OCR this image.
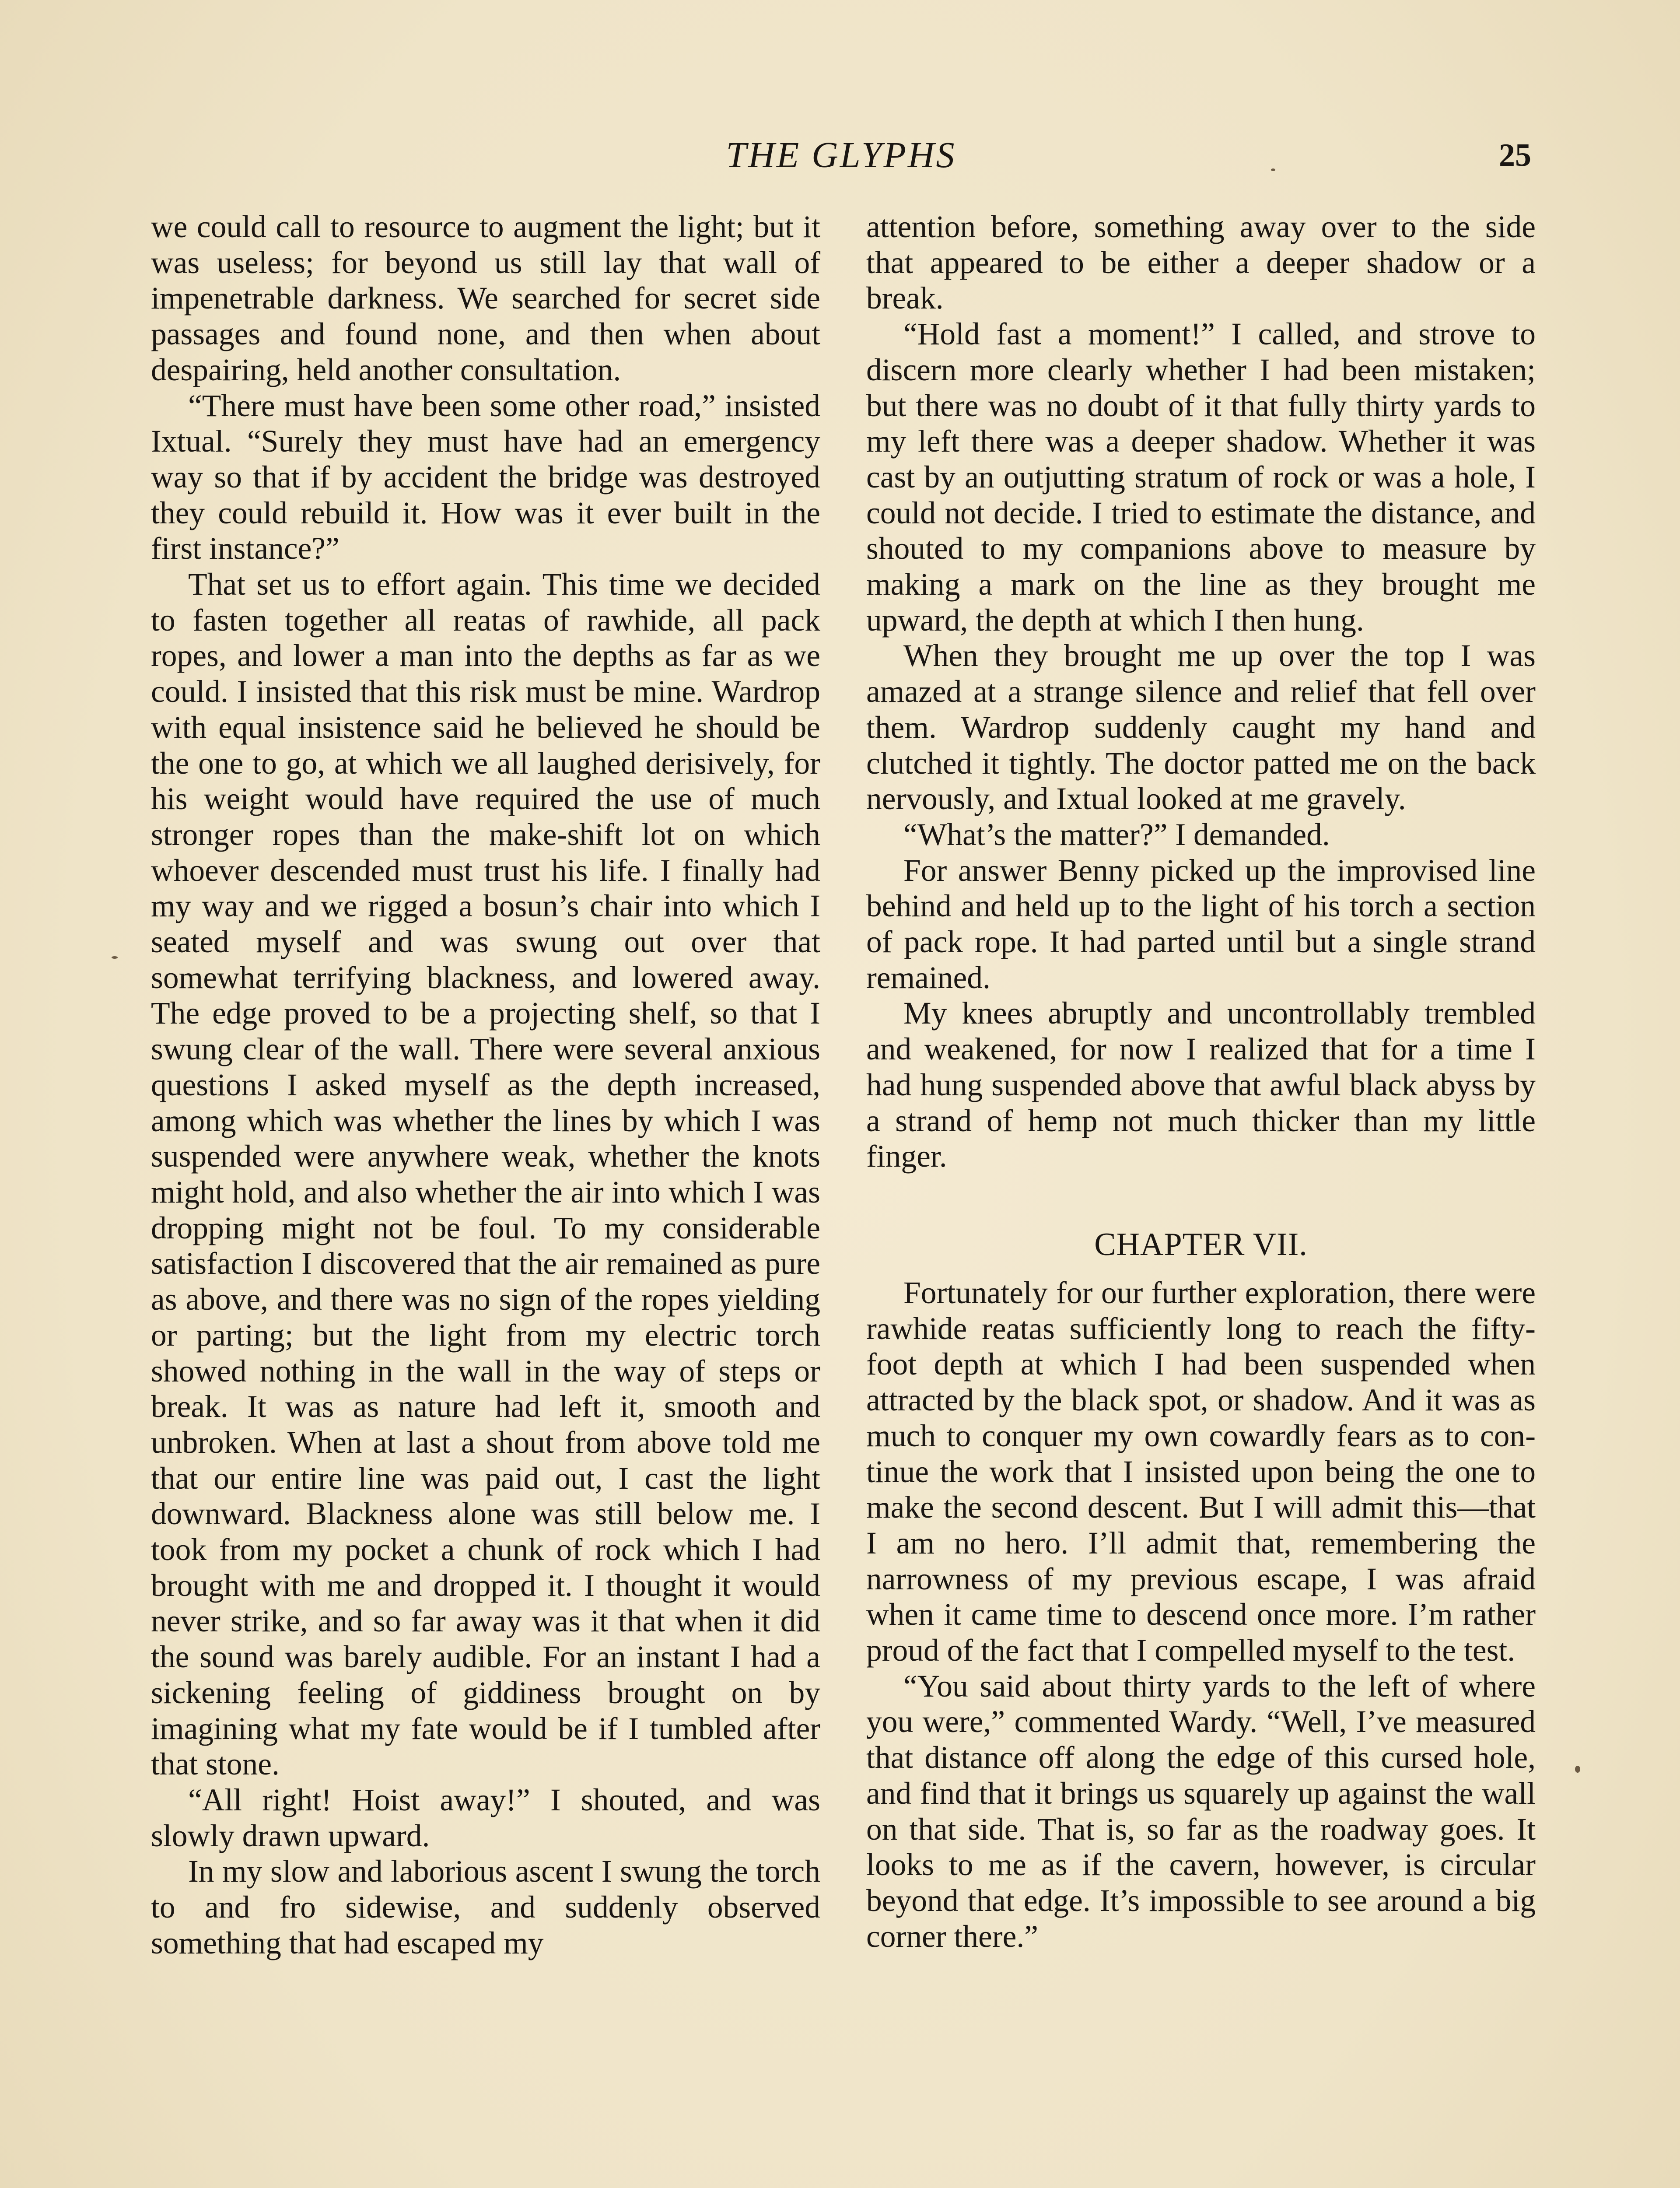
THE GLYPHS	25

we could call to resource to augment the light; but it was useless; for beyond us still lay that wall of impenetrable darkness. We searched for secret side passages and found none, and then when about despairing, held another consultation.

“There must have been some other road,” insisted Ixtual. “Surely they must have had an emergency way so that if by accident the bridge was destroyed they could rebuild it. How was it ever built in the first instance?”

That set us to effort again. This time we decided to fasten together all reatas of rawhide, all pack ropes, and lower a man into the depths as far as we could. I insisted that this risk must be mine. Wardrop with equal insistence said he believed he should be the one to go, at which we all laughed derisively, for his weight would have required the use of much stronger ropes than the make-shift lot on which whoever descended must trust his life. I finally had my way and we rigged a bosun’s chair into which I seated myself and was swung out over that somewhat terrifying blackness, and lowered away. The edge proved to be a projecting shelf, so that I swung clear of the wall. There were several anxious questions I asked myself as the depth increased, among which was whether the lines by which I was suspended were anywhere weak, whether the knots might hold, and also whether the air into which I was dropping might not be foul. To my considerable satisfaction I discovered that the air remained as pure as above, and there was no sign of the ropes yielding or parting; but the light from my electric torch showed nothing in the wall in the way of steps or break. It was as nature had left it, smooth and unbroken. When at last a shout from above told me that our entire line was paid out, I cast the light downward. Blackness alone was still below me. I took from my pocket a chunk of rock which I had brought with me and dropped it. I thought it would never strike, and so far away was it that when it did the sound was barely audible. For an instant I had a sickening feeling of giddiness brought on by imagining what my fate would be if I tumbled after that stone.

“All right! Hoist away!” I shouted, and was slowly drawn upward.

In my slow and laborious ascent I swung the torch to and fro sidewise, and suddenly observed something that had escaped my

attention before, something away over to the side that appeared to be either a deeper shadow or a break.

“Hold fast a moment!” I called, and strove to discern more clearly whether I had been mistaken; but there was no doubt of it that fully thirty yards to my left there was a deeper shadow. Whether it was cast by an outjutting stratum of rock or was a hole, I could not decide. I tried to estimate the distance, and shouted to my companions above to measure by making a mark on the line as they brought me upward, the depth at which I then hung.

When they brought me up over the top I was amazed at a strange silence and relief that fell over them. Wardrop suddenly caught my hand and clutched it tightly. The doctor patted me on the back nervously, and Ixtual looked at me gravely.

“What’s the matter?” I demanded.

For answer Benny picked up the improvised line behind and held up to the light of his torch a section of pack rope. It had parted until but a single strand remained.

My knees abruptly and uncontrollably trembled and weakened, for now I realized that for a time I had hung suspended above that awful black abyss by a strand of hemp not much thicker than my little finger.

CHAPTER VII.

Fortunately for our further exploration, there were rawhide reatas sufficiently long to reach the fifty-foot depth at which I had been suspended when attracted by the black spot, or shadow. And it was as much to conquer my own cowardly fears as to continue the work that I insisted upon being the one to make the second descent. But I will admit this—that I am no hero. I’ll admit that, remembering the narrowness of my previous escape, I was afraid when it came time to descend once more. I’m rather proud of the fact that I compelled myself to the test.

“You said about thirty yards to the left of where you were,” commented Wardy. “Well, I’ve measured that distance off along the edge of this cursed hole, and find that it brings us squarely up against the wall on that side. That is, so far as the roadway goes. It looks to me as if the cavern, however, is circular beyond that edge. It’s impossible to see around a big corner there.”
